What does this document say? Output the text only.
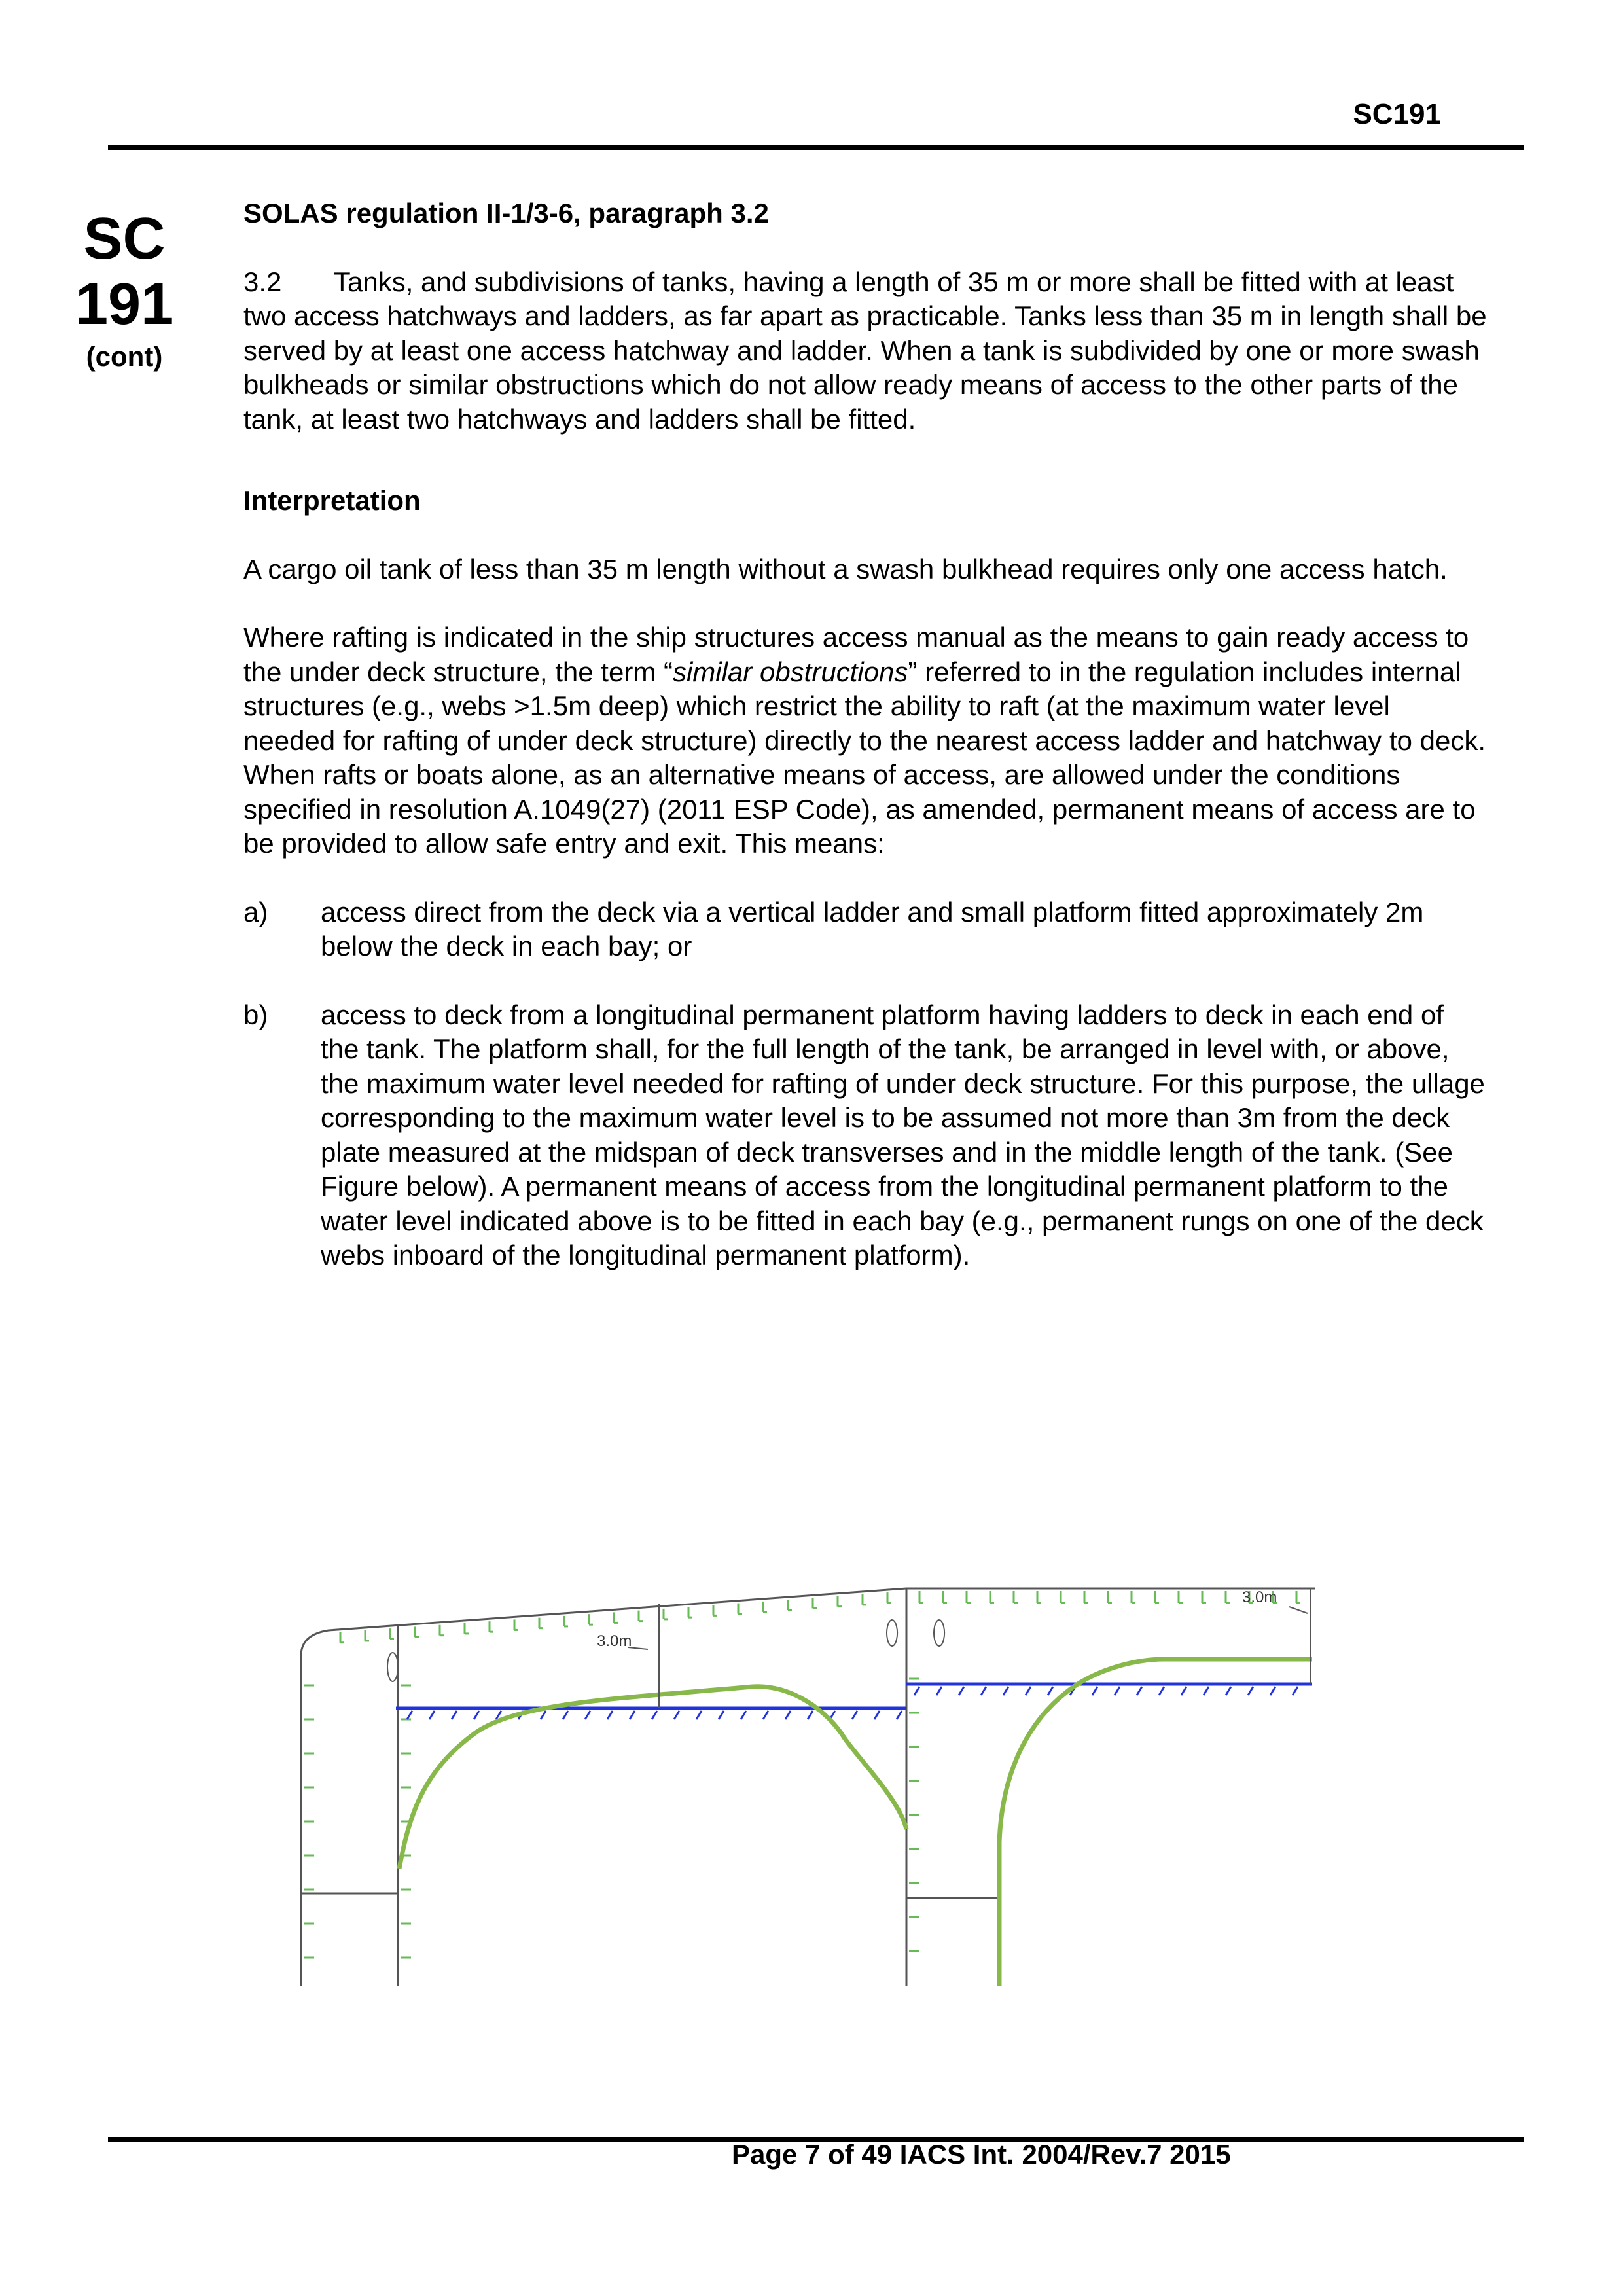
SC191
SC
191
(cont)

SOLAS regulation II-1/3-6, paragraph 3.2

3.2 Tanks, and subdivisions of tanks, having a length of 35 m or more shall be fitted with at least two access hatchways and ladders, as far apart as practicable. Tanks less than 35 m in length shall be served by at least one access hatchway and ladder. When a tank is subdivided by one or more swash bulkheads or similar obstructions which do not allow ready means of access to the other parts of the tank, at least two hatchways and ladders shall be fitted.

Interpretation

A cargo oil tank of less than 35 m length without a swash bulkhead requires only one access hatch.

Where rafting is indicated in the ship structures access manual as the means to gain ready access to the under deck structure, the term “similar obstructions” referred to in the regulation includes internal structures (e.g., webs >1.5m deep) which restrict the ability to raft (at the maximum water level needed for rafting of under deck structure) directly to the nearest access ladder and hatchway to deck. When rafts or boats alone, as an alternative means of access, are allowed under the conditions specified in resolution A.1049(27) (2011 ESP Code), as amended, permanent means of access are to be provided to allow safe entry and exit. This means:

a) access direct from the deck via a vertical ladder and small platform fitted approximately 2m below the deck in each bay; or
b) access to deck from a longitudinal permanent platform having ladders to deck in each end of the tank. The platform shall, for the full length of the tank, be arranged in level with, or above, the maximum water level needed for rafting of under deck structure. For this purpose, the ullage corresponding to the maximum water level is to be assumed not more than 3m from the deck plate measured at the midspan of deck transverses and in the middle length of the tank. (See Figure below). A permanent means of access from the longitudinal permanent platform to the water level indicated above is to be fitted in each bay (e.g., permanent rungs on one of the deck webs inboard of the longitudinal permanent platform).
3.0m
3.0m
Page 7 of 49 IACS Int. 2004/Rev.7 2015
